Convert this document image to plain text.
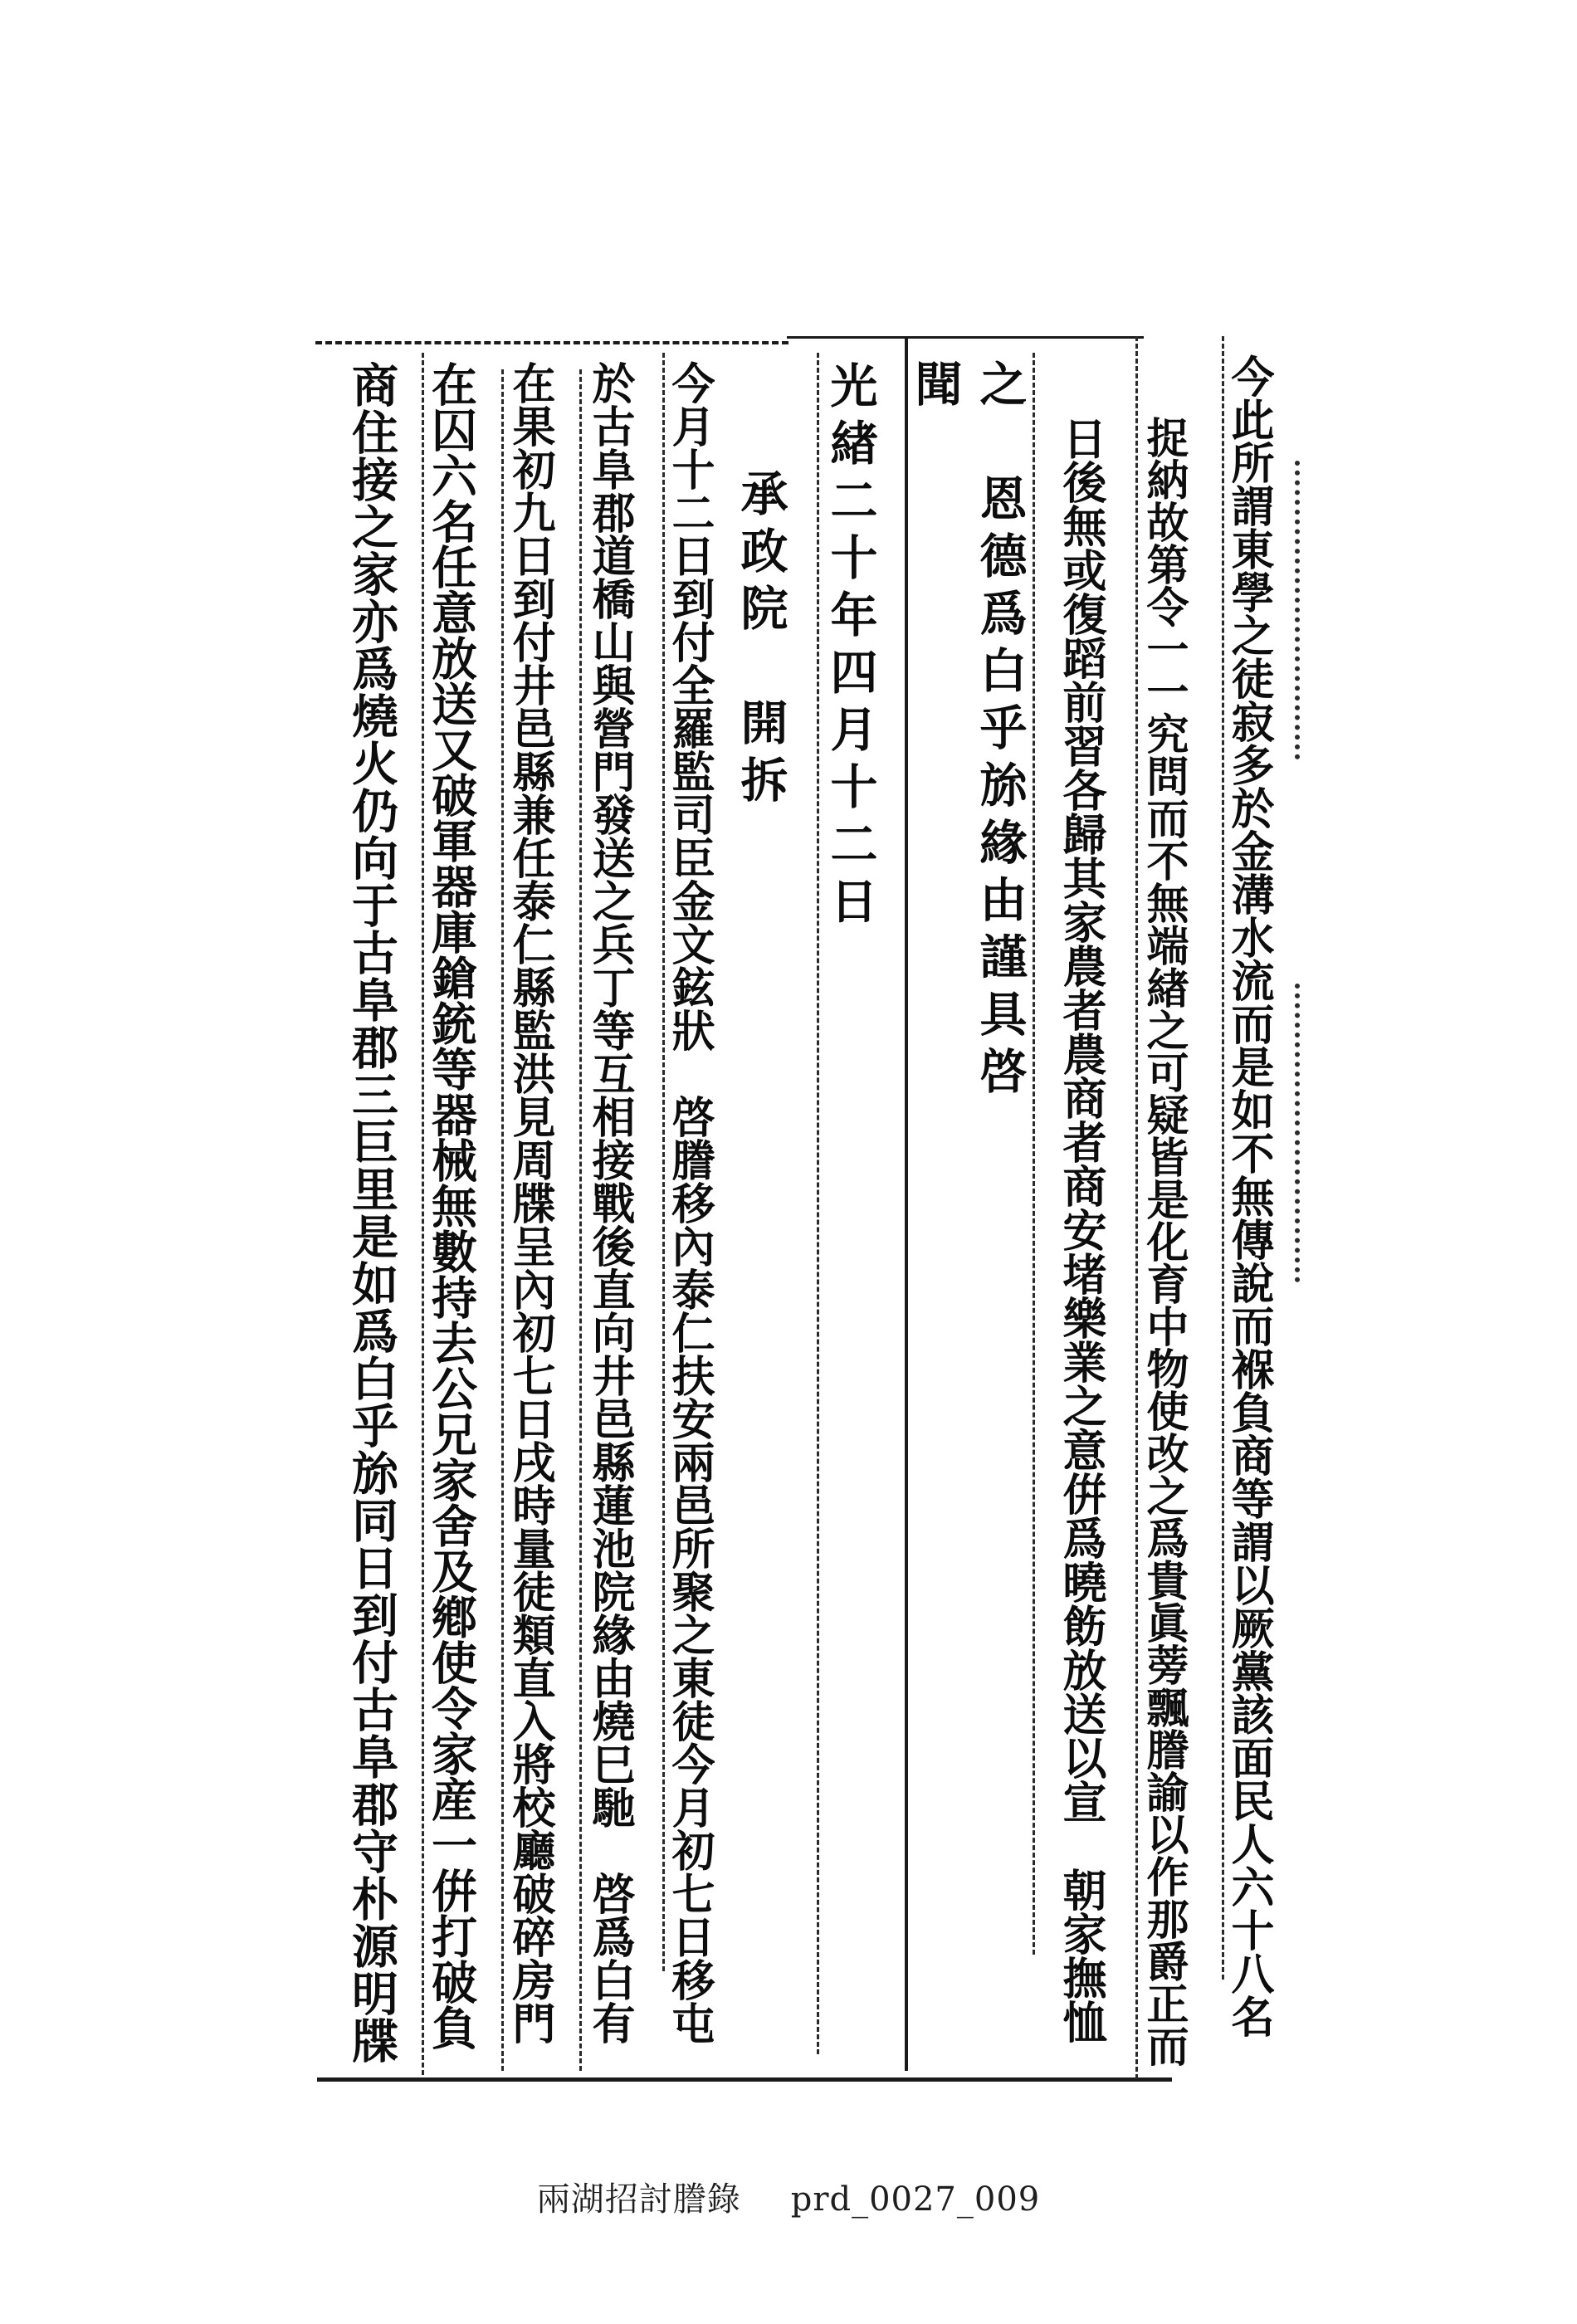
今此所謂東學之徒寂多於金溝水流而是如不無傳說而褓負商等謂以厥黨該面民人六十八名
捉納故第令一一究問而不無端緖之可疑皆是化育中物使改之爲貴眞蒡飄謄諭以作那爵正而
日後無或復蹈前習各歸其家農者農商者商安堵樂業之意倂爲曉飭放送以宣　朝家撫恤
之　恩德爲白乎旀緣由謹具啓
聞
光緖二十年四月十二日
承政院　開拆
今月十二日到付全羅監司臣金文鉉狀　啓謄移內泰仁扶安兩邑所聚之東徒今月初七日移屯
於古阜郡道橋山與營門發送之兵丁等互相接戰後直向井邑縣蓮池院緣由燒巳馳　啓爲白有
在果初九日到付井邑縣兼任泰仁縣監洪見周牒呈內初七日戌時量徒類直入將校廳破碎房門
在囚六名任意放送又破軍器庫鎗銃等器械無數持去公兄家舍及鄕使令家産一倂打破負
商住接之家亦爲燒火仍向于古阜郡三巨里是如爲白乎旀同日到付古阜郡守朴源明牒
兩湖招討謄錄 prd_0027_009
